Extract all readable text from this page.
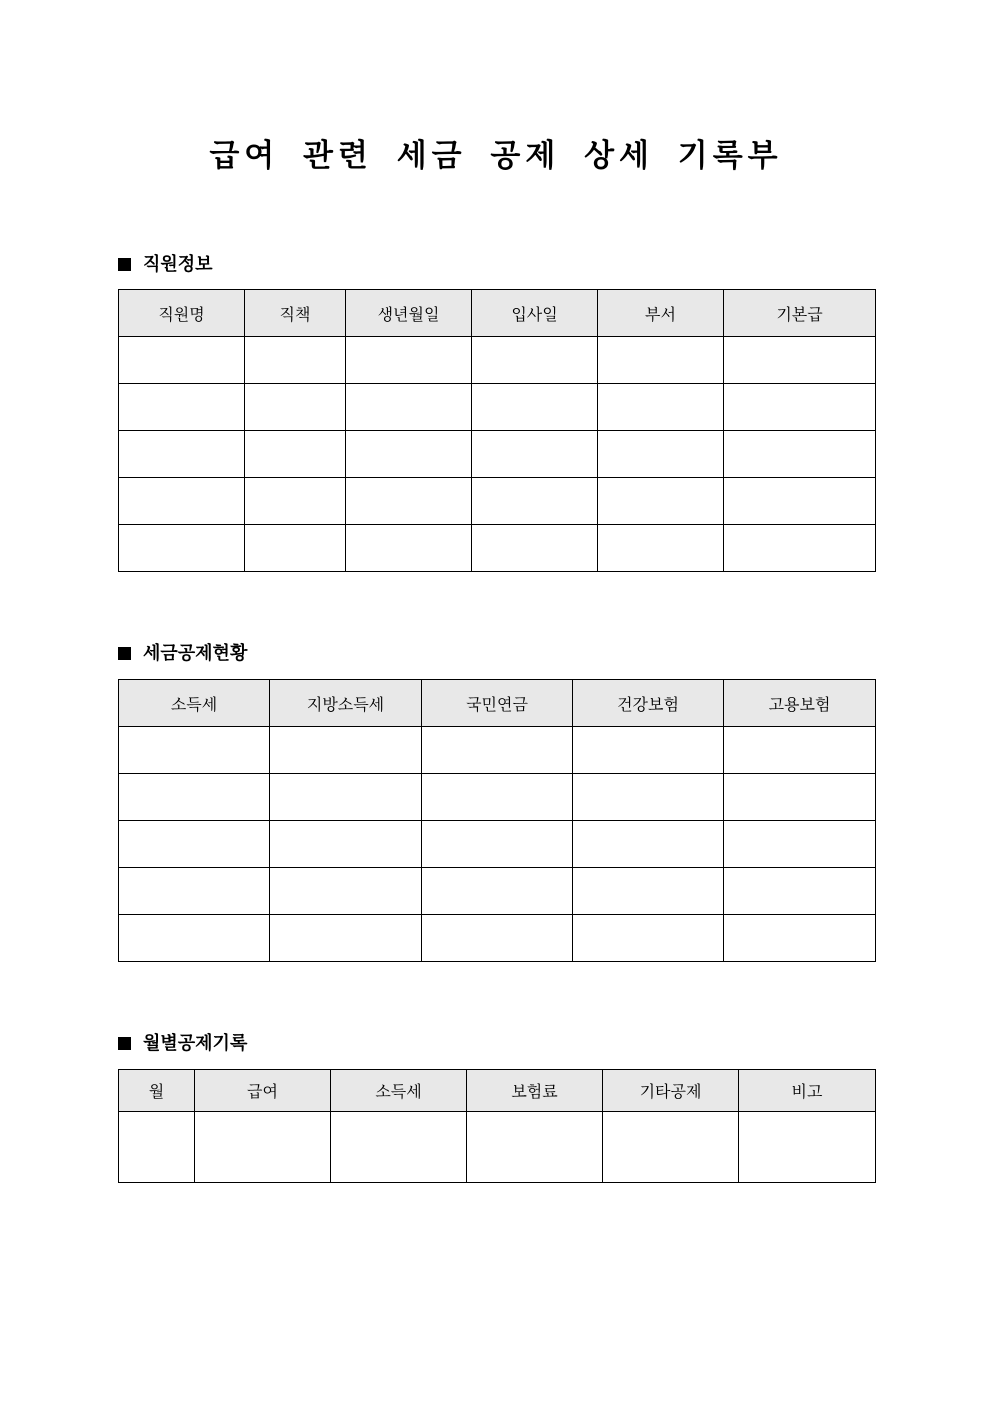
급여 관련 세금 공제 상세 기록부
직원정보
직원명	직책	생년월일	입사일	부서	기본급

세금공제현황
소득세	지방소득세	국민연금	건강보험	고용보험

월별공제기록
월	급여	소득세	보험료	기타공제	비고
